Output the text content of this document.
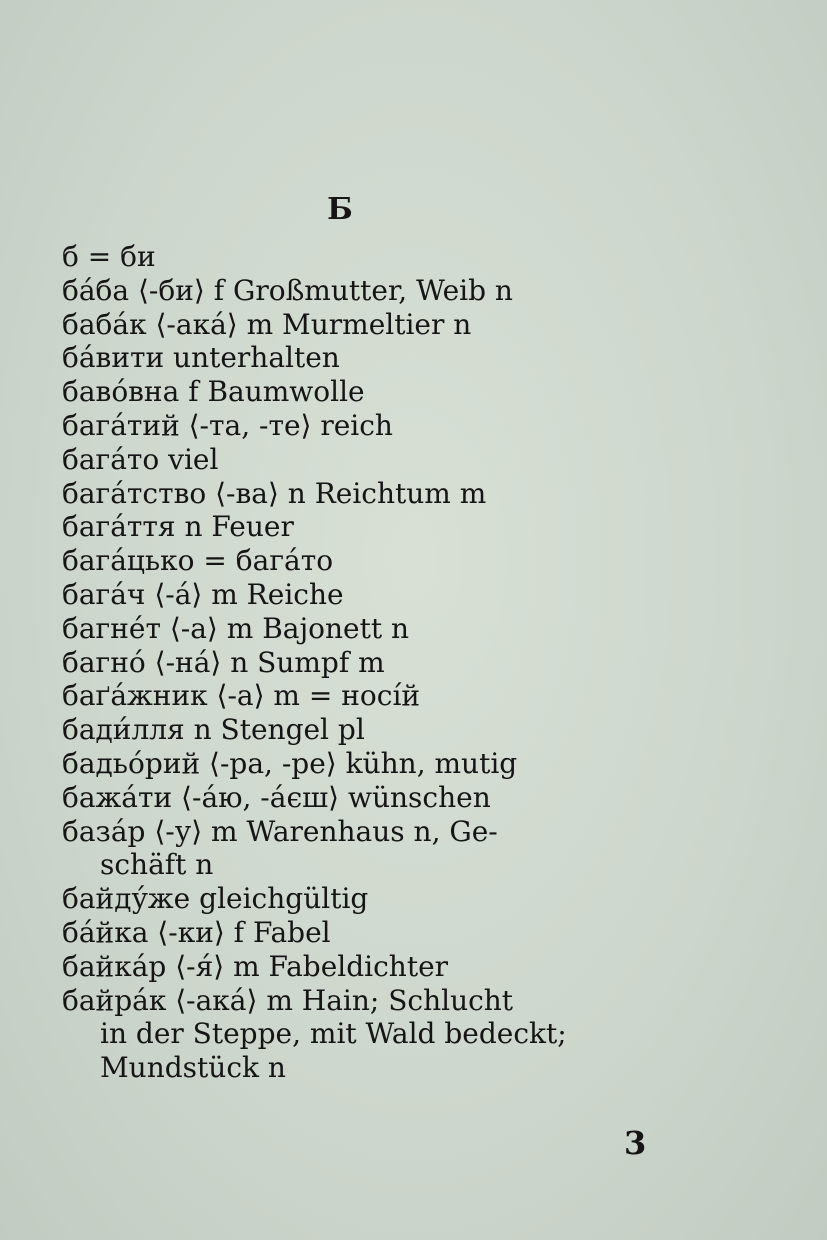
Б
б = би
ба́ба ⟨-би⟩ f Großmutter, Weib n
баба́к ⟨-ака́⟩ m Murmeltier n
ба́вити unterhalten
баво́вна f Baumwolle
бага́тий ⟨-та, -те⟩ reich
бага́то viel
бага́тство ⟨-ва⟩ n Reichtum m
бага́ття n Feuer
бага́цько = бага́то
бага́ч ⟨-а́⟩ m Reiche
багне́т ⟨-а⟩ m Bajonett n
багно́ ⟨-на́⟩ n Sumpf m
баґа́жник ⟨-а⟩ m = носі́й
бади́лля n Stengel pl
бадьо́рий ⟨-ра, -ре⟩ kühn, mutig
бажа́ти ⟨-а́ю, -а́єш⟩ wünschen
база́р ⟨-у⟩ m Warenhaus n, Ge-
schäft n
байду́же gleichgültig
ба́йка ⟨-ки⟩ f Fabel
байка́р ⟨-я́⟩ m Fabeldichter
байра́к ⟨-ака́⟩ m Hain; Schlucht
in der Steppe, mit Wald bedeckt;
Mundstück n
3
